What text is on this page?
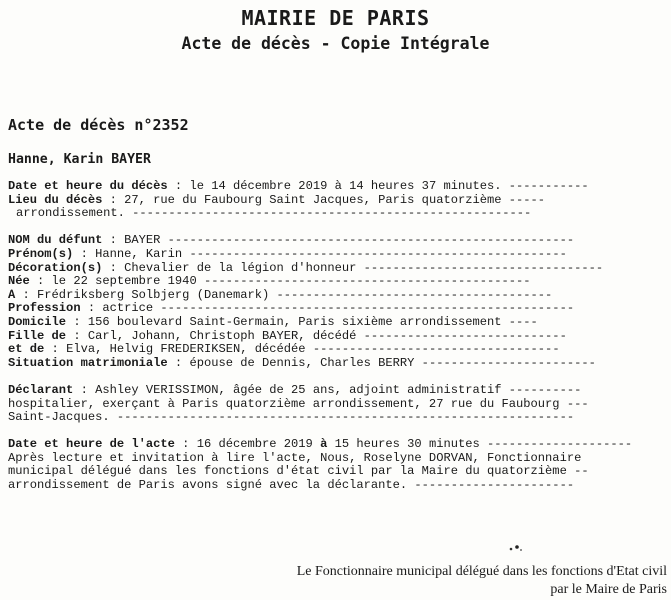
MAIRIE DE PARIS
Acte de décès - Copie Intégrale
Acte de décès n°2352
Hanne, Karin BAYER
Date et heure du décès : le 14 décembre 2019 à 14 heures 37 minutes. -----------
Lieu du décès : 27, rue du Faubourg Saint Jacques, Paris quatorzième -----
arrondissement. -------------------------------------------------------
NOM du défunt : BAYER --------------------------------------------------------
Prénom(s) : Hanne, Karin ----------------------------------------------------
Décoration(s) : Chevalier de la légion d'honneur ---------------------------------
Née : le 22 septembre 1940 ---------------------------------------------
À : Frédriksberg Solbjerg (Danemark) --------------------------------------
Profession : actrice ---------------------------------------------------------
Domicile : 156 boulevard Saint-Germain, Paris sixième arrondissement ----
Fille de : Carl, Johann, Christoph BAYER, décédé ----------------------------
et de : Elva, Helvig FREDERIKSEN, décédée ----------------------------------
Situation matrimoniale : épouse de Dennis, Charles BERRY ------------------------
Déclarant : Ashley VERISSIMON, âgée de 25 ans, adjoint administratif ----------
hospitalier, exerçant à Paris quatorzième arrondissement, 27 rue du Faubourg ---
Saint-Jacques. ---------------------------------------------------------------
Date et heure de l'acte : 16 décembre 2019 à 15 heures 30 minutes --------------------
Après lecture et invitation à lire l'acte, Nous, Roselyne DORVAN, Fonctionnaire
municipal délégué dans les fonctions d'état civil par la Maire du quatorzième --
arrondissement de Paris avons signé avec la déclarante. ----------------------
Le Fonctionnaire municipal délégué dans les fonctions d'Etat civil
par le Maire de Paris
